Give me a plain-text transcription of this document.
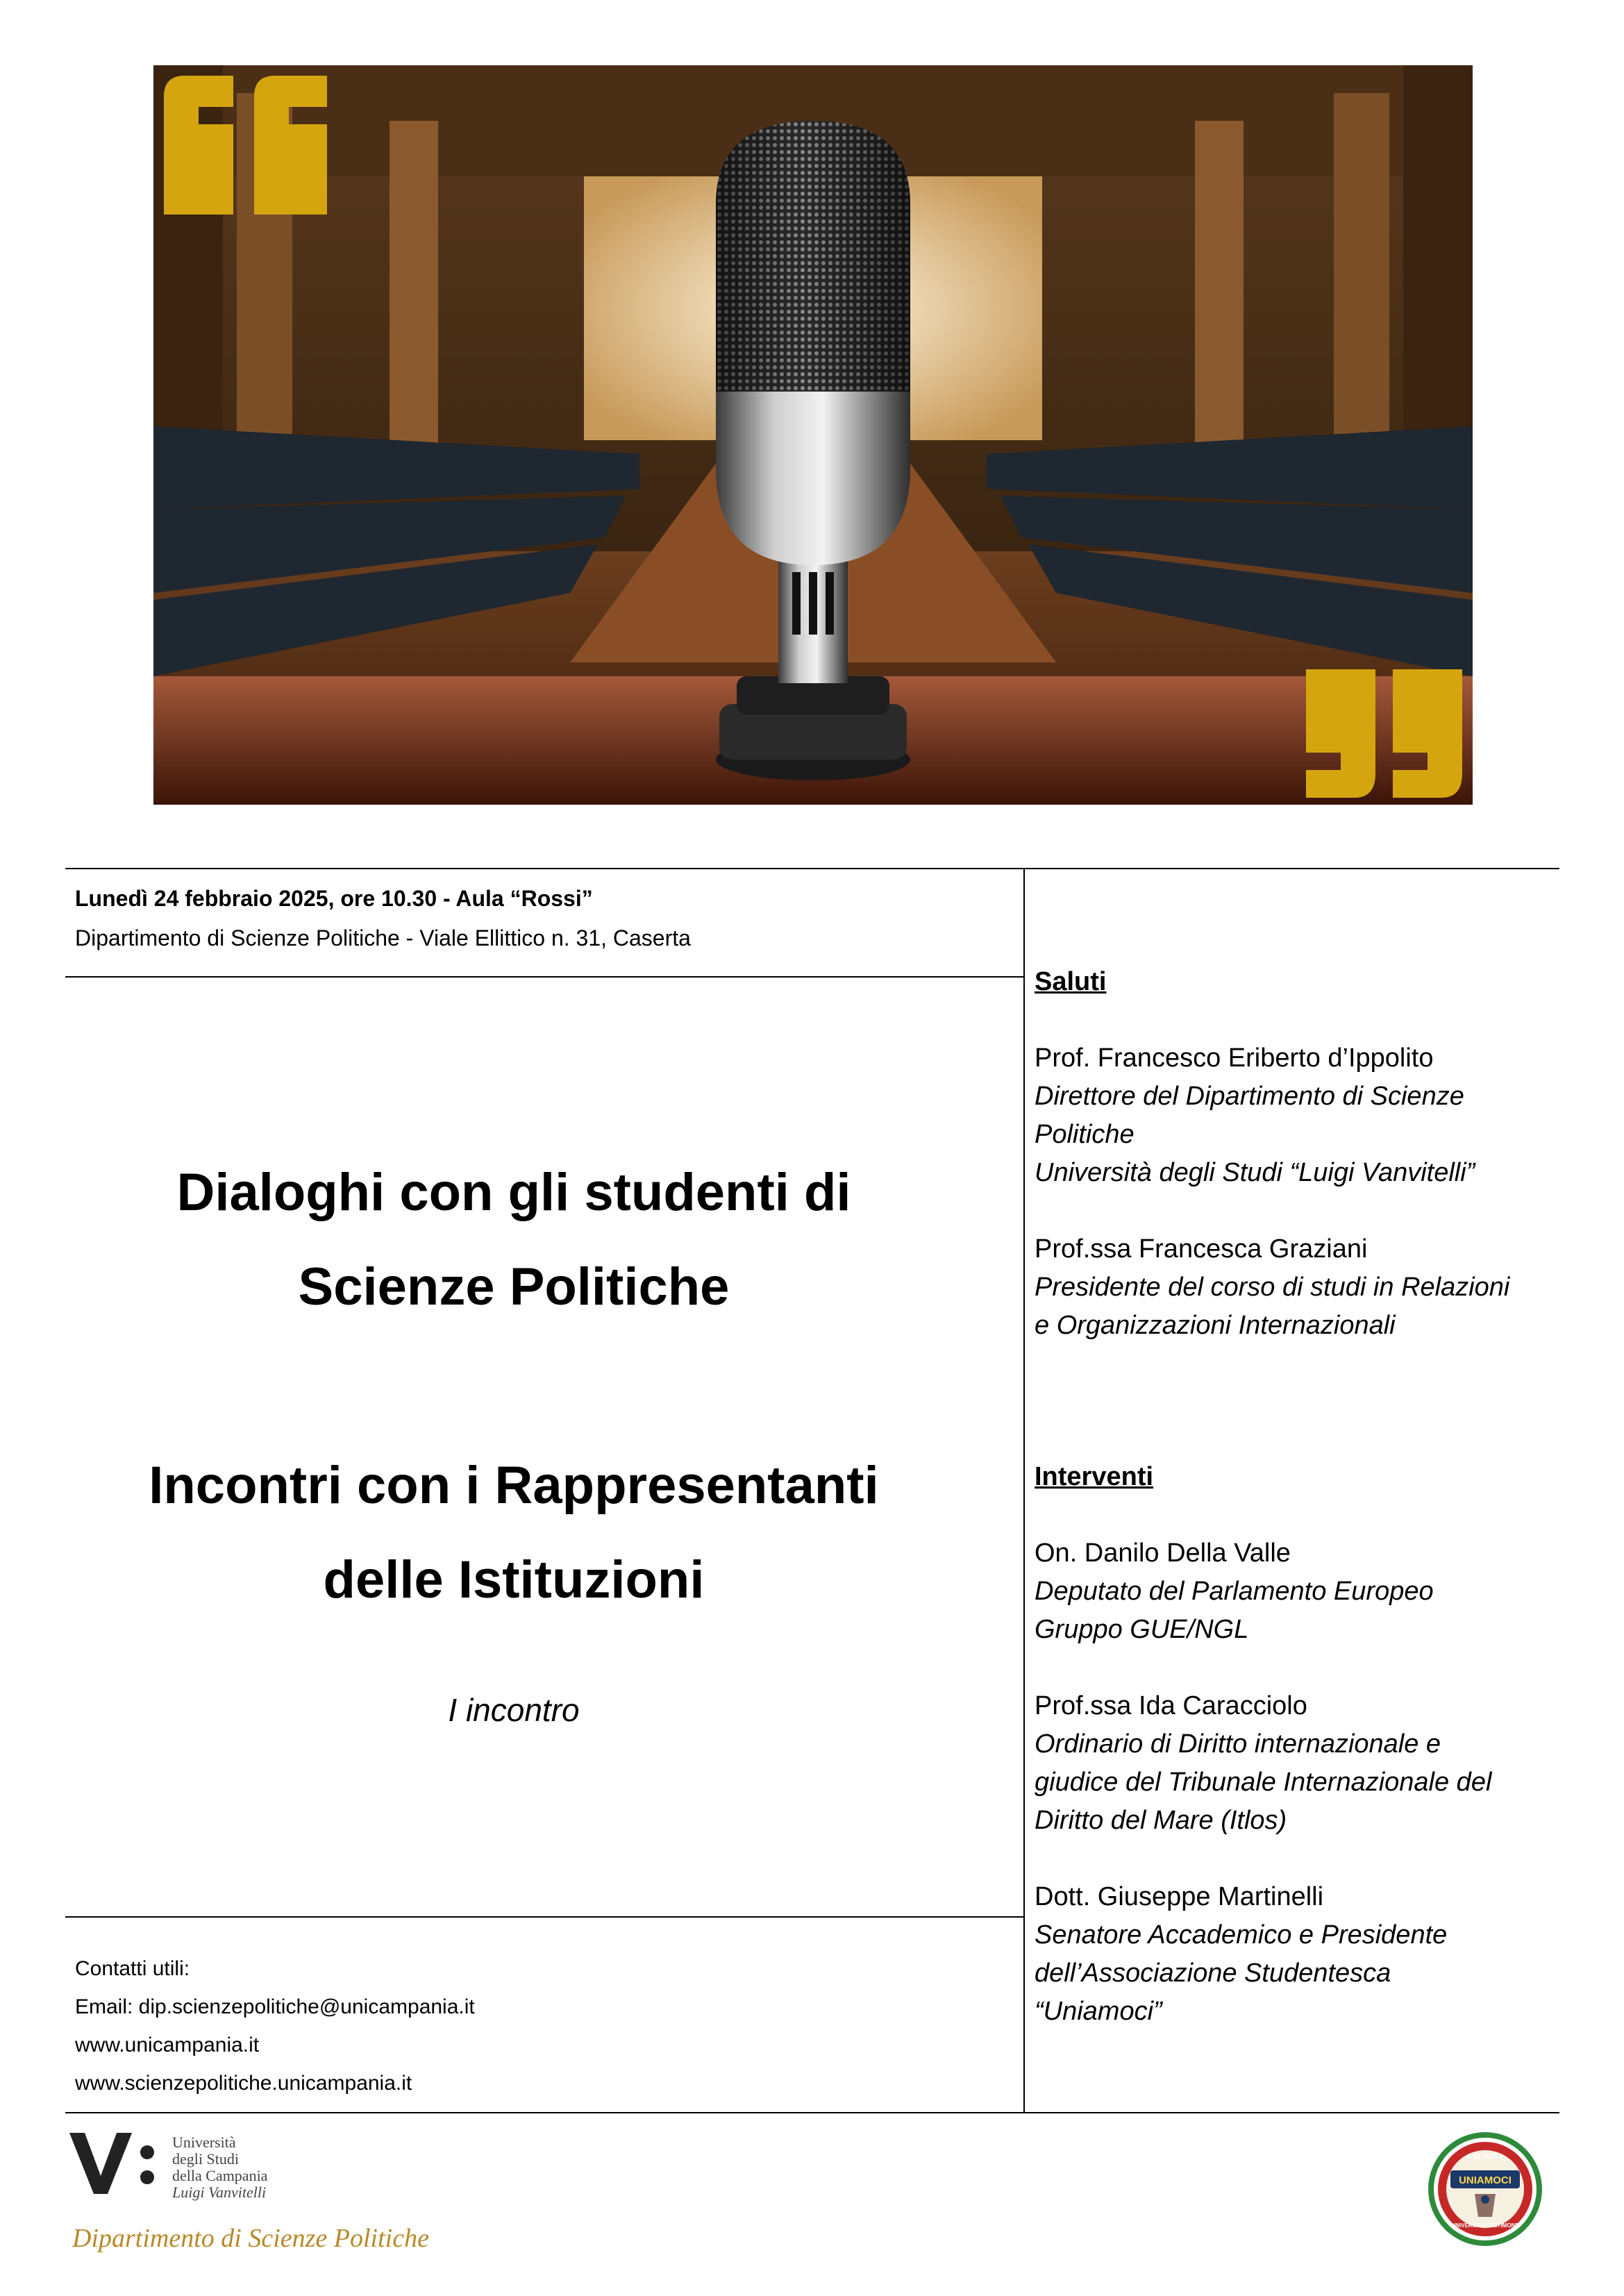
Lunedì 24 febbraio 2025, ore 10.30 - Aula “Rossi”
Dipartimento di Scienze Politiche - Viale Ellittico n. 31, Caserta
Dialoghi con gli studenti di
Scienze Politiche
Incontri con i Rappresentanti
delle Istituzioni
I incontro
Contatti utili:
Email: dip.scienzepolitiche@unicampania.it
www.unicampania.it
www.scienzepolitiche.unicampania.it
Saluti
Prof. Francesco Eriberto d’Ippolito
Direttore del Dipartimento di Scienze
Politiche
Università degli Studi “Luigi Vanvitelli”
Prof.ssa Francesca Graziani
Presidente del corso di studi in Relazioni
e Organizzazioni Internazionali
Interventi
On. Danilo Della Valle
Deputato del Parlamento Europeo
Gruppo GUE/NGL
Prof.ssa Ida Caracciolo
Ordinario di Diritto internazionale e
giudice del Tribunale Internazionale del
Diritto del Mare (Itlos)
Dott. Giuseppe Martinelli
Senatore Accademico e Presidente
dell’Associazione Studentesca
“Uniamoci”
Università
degli Studi
della Campania
Luigi Vanvitelli
Dipartimento di Scienze Politiche
UNIAMOCI
ASCRUTA
UNIVERSITÀ TESTIMONE
